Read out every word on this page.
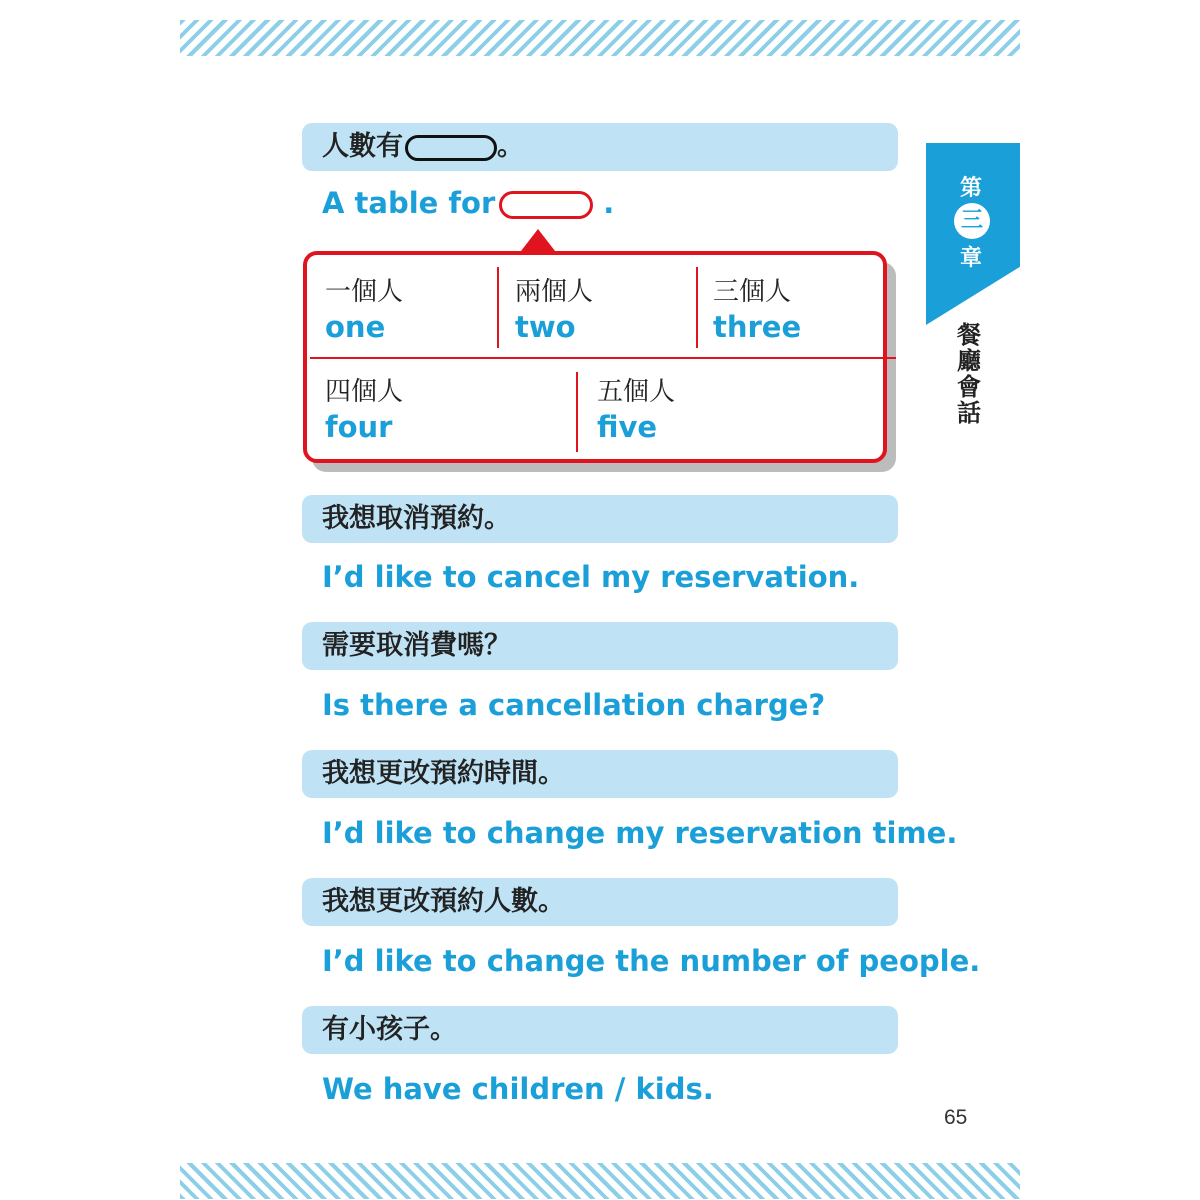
第
三
章
餐廳會話
人數有	。
A table for	.
一個人
one
兩個人
two
三個人
three
四個人
four
五個人
five
我想取消預約。
I’d like to cancel my reservation.
需要取消費嗎？
Is there a cancellation charge?
我想更改預約時間。
I’d like to change my reservation time.
我想更改預約人數。
I’d like to change the number of people.
有小孩子。
We have children / kids.
65
